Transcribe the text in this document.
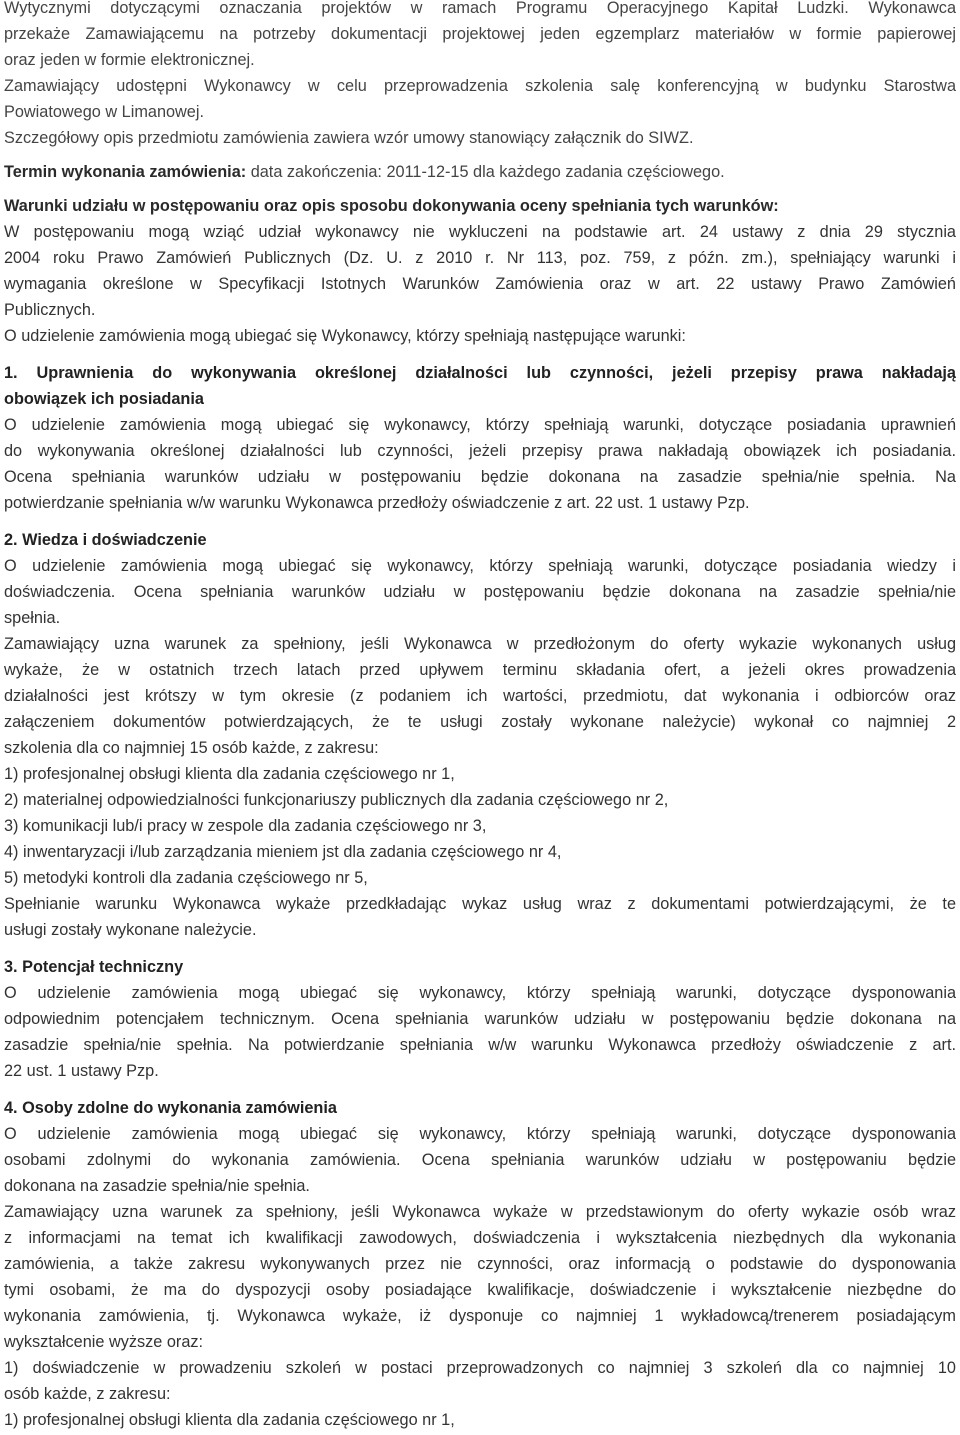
Wytycznymi dotyczącymi oznaczania projektów w ramach Programu Operacyjnego Kapitał Ludzki. Wykonawca
przekaże Zamawiającemu na potrzeby dokumentacji projektowej jeden egzemplarz materiałów w formie papierowej
oraz jeden w formie elektronicznej.
Zamawiający udostępni Wykonawcy w celu przeprowadzenia szkolenia salę konferencyjną w budynku Starostwa
Powiatowego w Limanowej.
Szczegółowy opis przedmiotu zamówienia zawiera wzór umowy stanowiący załącznik do SIWZ.

Termin wykonania zamówienia: data zakończenia: 2011-12-15 dla każdego zadania częściowego.

Warunki udziału w postępowaniu oraz opis sposobu dokonywania oceny spełniania tych warunków:
W postępowaniu mogą wziąć udział wykonawcy nie wykluczeni na podstawie art. 24 ustawy z dnia 29 stycznia
2004 roku Prawo Zamówień Publicznych (Dz. U. z 2010 r. Nr 113, poz. 759, z późn. zm.), spełniający warunki i
wymagania określone w Specyfikacji Istotnych Warunków Zamówienia oraz w art. 22 ustawy Prawo Zamówień
Publicznych.
O udzielenie zamówienia mogą ubiegać się Wykonawcy, którzy spełniają następujące warunki:
1. Uprawnienia do wykonywania określonej działalności lub czynności, jeżeli przepisy prawa nakładają
obowiązek ich posiadania
O udzielenie zamówienia mogą ubiegać się wykonawcy, którzy spełniają warunki, dotyczące posiadania uprawnień
do wykonywania określonej działalności lub czynności, jeżeli przepisy prawa nakładają obowiązek ich posiadania.
Ocena spełniania warunków udziału w postępowaniu będzie dokonana na zasadzie spełnia/nie spełnia. Na
potwierdzanie spełniania w/w warunku Wykonawca przedłoży oświadczenie z art. 22 ust. 1 ustawy Pzp.
2. Wiedza i doświadczenie
O udzielenie zamówienia mogą ubiegać się wykonawcy, którzy spełniają warunki, dotyczące posiadania wiedzy i
doświadczenia. Ocena spełniania warunków udziału w postępowaniu będzie dokonana na zasadzie spełnia/nie
spełnia.
Zamawiający uzna warunek za spełniony, jeśli Wykonawca w przedłożonym do oferty wykazie wykonanych usług
wykaże, że w ostatnich trzech latach przed upływem terminu składania ofert, a jeżeli okres prowadzenia
działalności jest krótszy w tym okresie (z podaniem ich wartości, przedmiotu, dat wykonania i odbiorców oraz
załączeniem dokumentów potwierdzających, że te usługi zostały wykonane należycie) wykonał co najmniej 2
szkolenia dla co najmniej 15 osób każde, z zakresu:
1) profesjonalnej obsługi klienta dla zadania częściowego nr 1,
2) materialnej odpowiedzialności funkcjonariuszy publicznych dla zadania częściowego nr 2,
3) komunikacji lub/i pracy w zespole dla zadania częściowego nr 3,
4) inwentaryzacji i/lub zarządzania mieniem jst dla zadania częściowego nr 4,
5) metodyki kontroli dla zadania częściowego nr 5,
Spełnianie warunku Wykonawca wykaże przedkładając wykaz usług wraz z dokumentami potwierdzającymi, że te
usługi zostały wykonane należycie.
3. Potencjał techniczny
O udzielenie zamówienia mogą ubiegać się wykonawcy, którzy spełniają warunki, dotyczące dysponowania
odpowiednim potencjałem technicznym. Ocena spełniania warunków udziału w postępowaniu będzie dokonana na
zasadzie spełnia/nie spełnia. Na potwierdzanie spełniania w/w warunku Wykonawca przedłoży oświadczenie z art.
22 ust. 1 ustawy Pzp.
4. Osoby zdolne do wykonania zamówienia
O udzielenie zamówienia mogą ubiegać się wykonawcy, którzy spełniają warunki, dotyczące dysponowania
osobami zdolnymi do wykonania zamówienia. Ocena spełniania warunków udziału w postępowaniu będzie
dokonana na zasadzie spełnia/nie spełnia.
Zamawiający uzna warunek za spełniony, jeśli Wykonawca wykaże w przedstawionym do oferty wykazie osób wraz
z informacjami na temat ich kwalifikacji zawodowych, doświadczenia i wykształcenia niezbędnych dla wykonania
zamówienia, a także zakresu wykonywanych przez nie czynności, oraz informacją o podstawie do dysponowania
tymi osobami, że ma do dyspozycji osoby posiadające kwalifikacje, doświadczenie i wykształcenie niezbędne do
wykonania zamówienia, tj. Wykonawca wykaże, iż dysponuje co najmniej 1 wykładowcą/trenerem posiadającym
wykształcenie wyższe oraz:
1) doświadczenie w prowadzeniu szkoleń w postaci przeprowadzonych co najmniej 3 szkoleń dla co najmniej 10
osób każde, z zakresu:
1) profesjonalnej obsługi klienta dla zadania częściowego nr 1,
